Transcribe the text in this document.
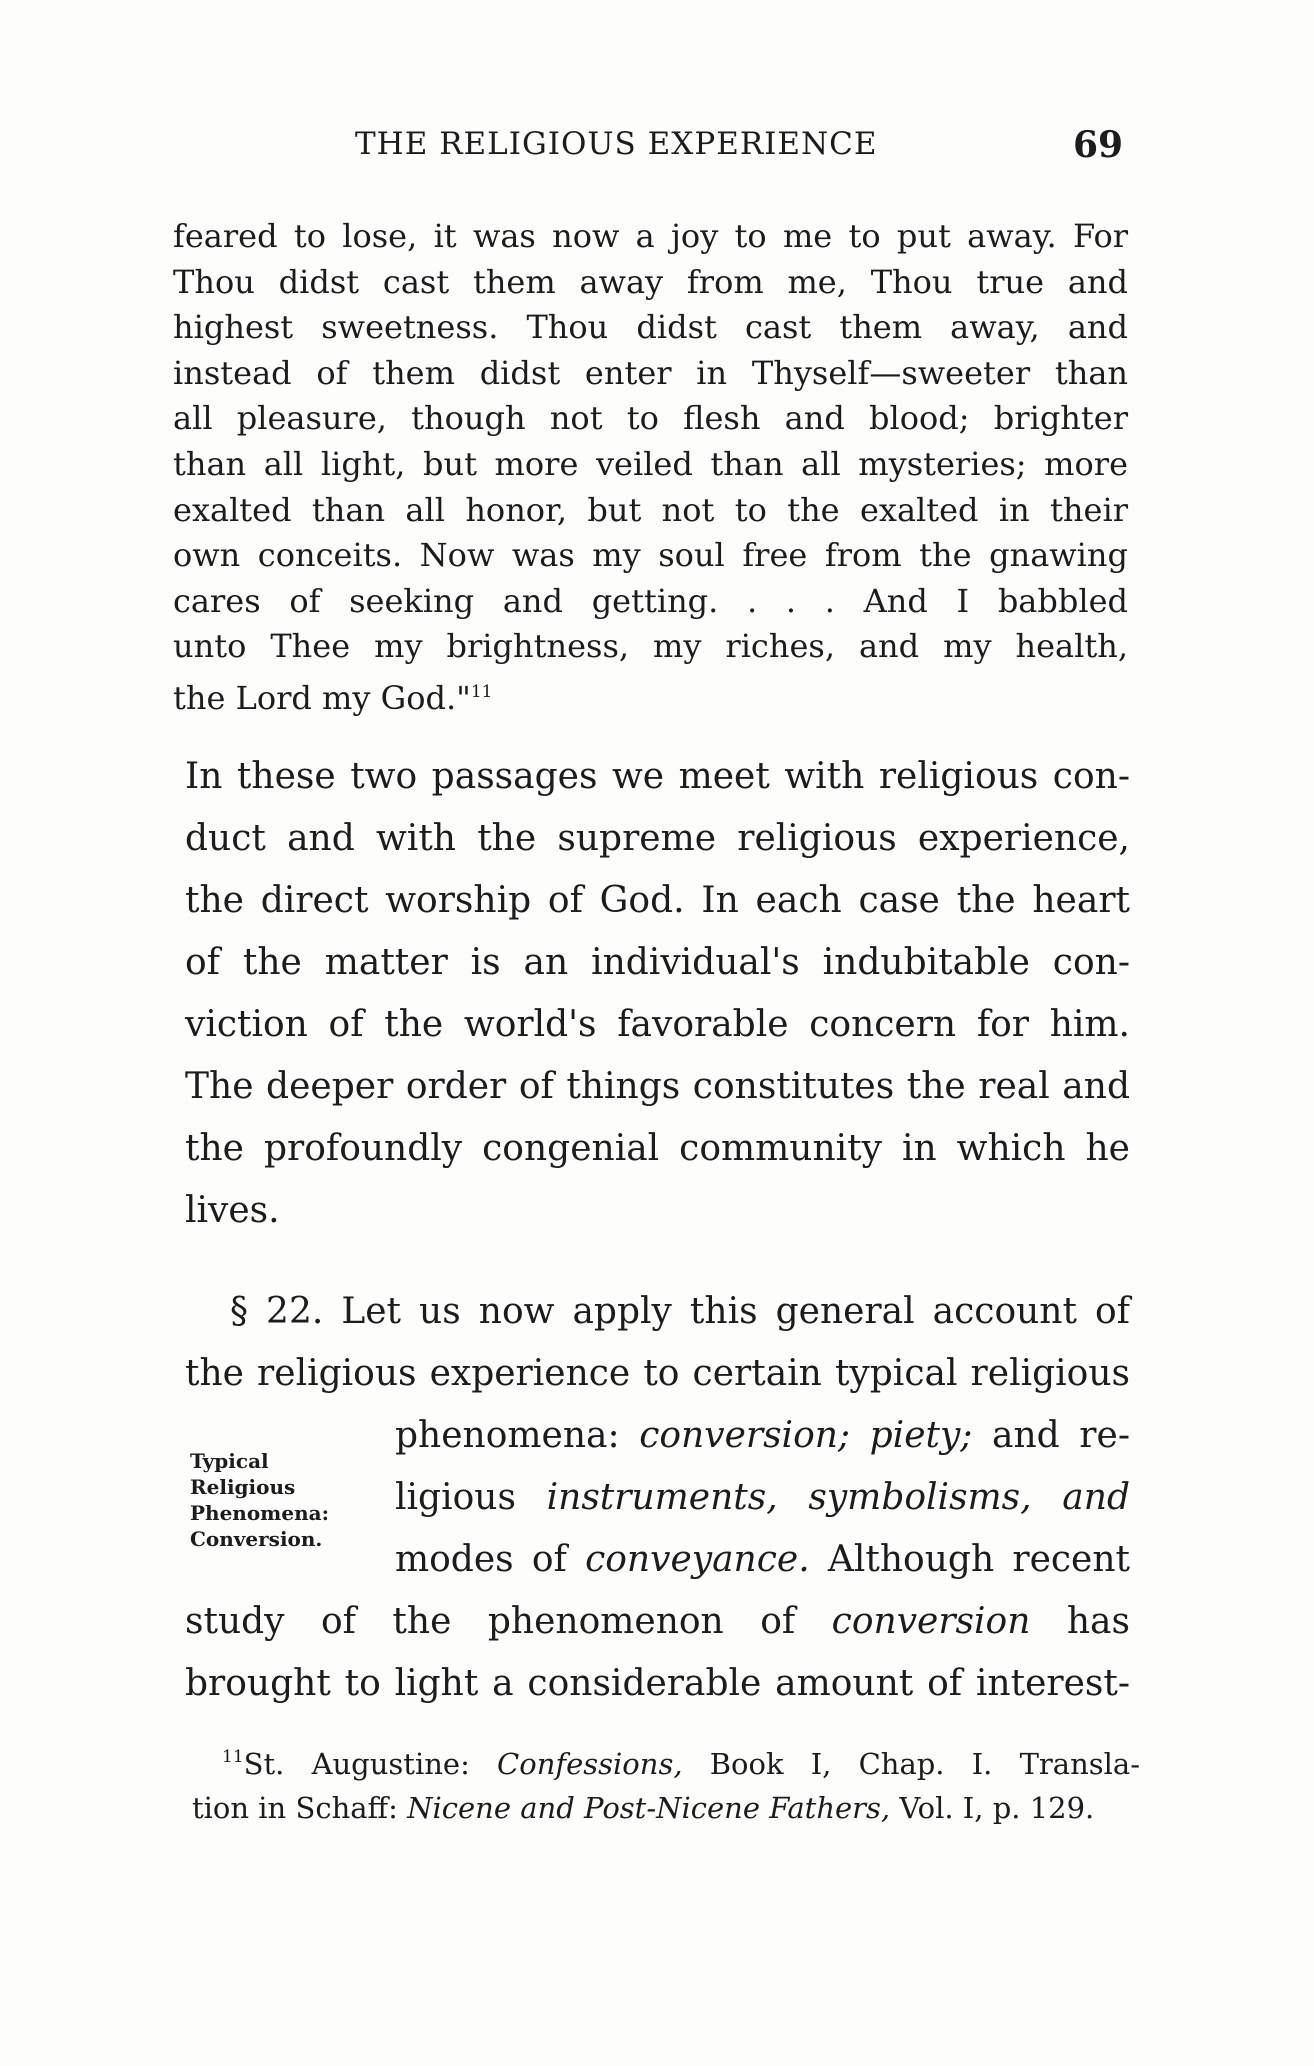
THE RELIGIOUS EXPERIENCE	69
feared to lose, it was now a joy to me to put away. For
Thou didst cast them away from me, Thou true and
highest sweetness. Thou didst cast them away, and
instead of them didst enter in Thyself—sweeter than
all pleasure, though not to flesh and blood; brighter
than all light, but more veiled than all mysteries; more
exalted than all honor, but not to the exalted in their
own conceits. Now was my soul free from the gnawing
cares of seeking and getting. . . . And I babbled
unto Thee my brightness, my riches, and my health,
the Lord my God."$^{11}$
In these two passages we meet with religious con-
duct and with the supreme religious experience,
the direct worship of God. In each case the heart
of the matter is an individual's indubitable con-
viction of the world's favorable concern for him.
The deeper order of things constitutes the real and
the profoundly congenial community in which he
lives.
§ 22. Let us now apply this general account of
the religious experience to certain typical religious
phenomena: conversion; piety; and re-
ligious instruments, symbolisms, and
modes of conveyance. Although recent
study of the phenomenon of conversion has
brought to light a considerable amount of interest-
Typical
Religious
Phenomena:
Conversion.
$^{11}$St. Augustine: Confessions, Book I, Chap. I. Transla-
tion in Schaff: Nicene and Post-Nicene Fathers, Vol. I, p. 129.
